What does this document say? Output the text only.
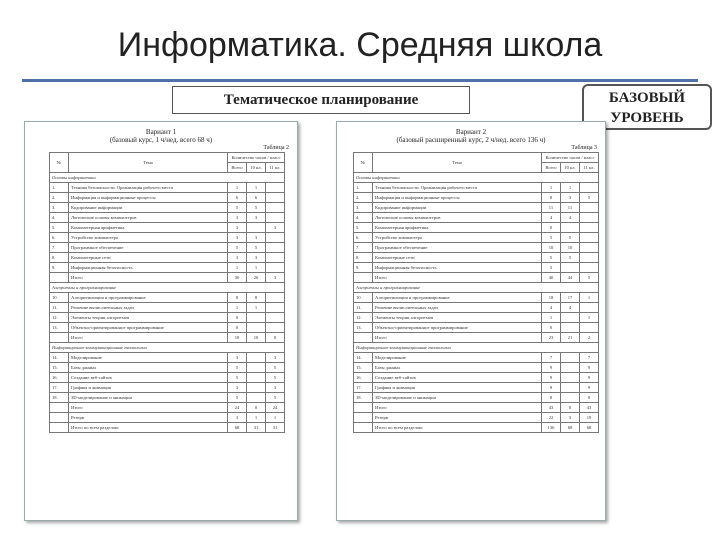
Информатика. Средняя школа
Тематическое планирование	БАЗОВЫЙ
УРОВЕНЬ
Вариант 1
(базовый курс, 1 ч/нед. всего 68 ч)
Таблица 2
№	Тема	Количество часов / класс		
		Всего	10 кл.	11 кл.
Основы информатики				
1.	Техника безопасности. Организация рабочего места	1	1	
2.	Информация и информационные процессы	6	6	
3.	Кодирование информации	5	5	
4.	Логические основы компьютеров	3	3	
5.	Компьютерная арифметика	3		3
6.	Устройство компьютера	3	3	
7.	Программное обеспечение	5	5	
8.	Компьютерные сети	3	3	
9.	Информационная безопасность	1	1	
	Итого	30	26	3
Алгоритмы и программирование				
10.	Алгоритмизация и программирование	8	8	
11.	Решение вычислительных задач	1	1	
12.	Элементы теории алгоритмов	0		
13.	Объектно-ориентированное программирование	0		
	Итого	10	10	0
Информационно-коммуникационные технологии				
14.	Моделирование	3		3
15.	Базы данных	5		5
16.	Создание веб-сайтов	5		5
17.	Графика и анимация	3		3
18.	3D-моделирование и анимация	5		5
	Итого	24	0	24
	Резерв	3	1	1
	Итого по всем разделам:	68	31	31
Вариант 2
(базовый расширенный курс, 2 ч/нед. всего 136 ч)
Таблица 3
№	Тема	Количество часов / класс		
		Всего	10 кл.	11 кл.
Основы информатики				
1.	Техника безопасности. Организация рабочего места	1	1	
2.	Информация и информационные процессы	8	3	5
3.	Кодирование информации	11	11	
4.	Логические основы компьютеров	4	4	
5.	Компьютерная арифметика	0		
6.	Устройство компьютера	5	5	
7.	Программное обеспечение	10	10	
8.	Компьютерные сети	5	5	
9.	Информационная безопасность	5		
	Итого	40	44	5
Алгоритмы и программирование				
10.	Алгоритмизация и программирование	18	17	1
11.	Решение вычислительных задач	4	4	
12.	Элементы теории алгоритмов	1		1
13.	Объектно-ориентированное программирование	0		
	Итого	23	21	2
Информационно-коммуникационные технологии				
14.	Моделирование	7		7
15.	Базы данных	9		9
16.	Создание веб-сайтов	9		9
17.	Графика и анимация	9		9
18.	3D-моделирование и анимация	8		8
	Итого	43	0	43
	Резерв	22	3	19
	Итого по всем разделам:	136	68	68
